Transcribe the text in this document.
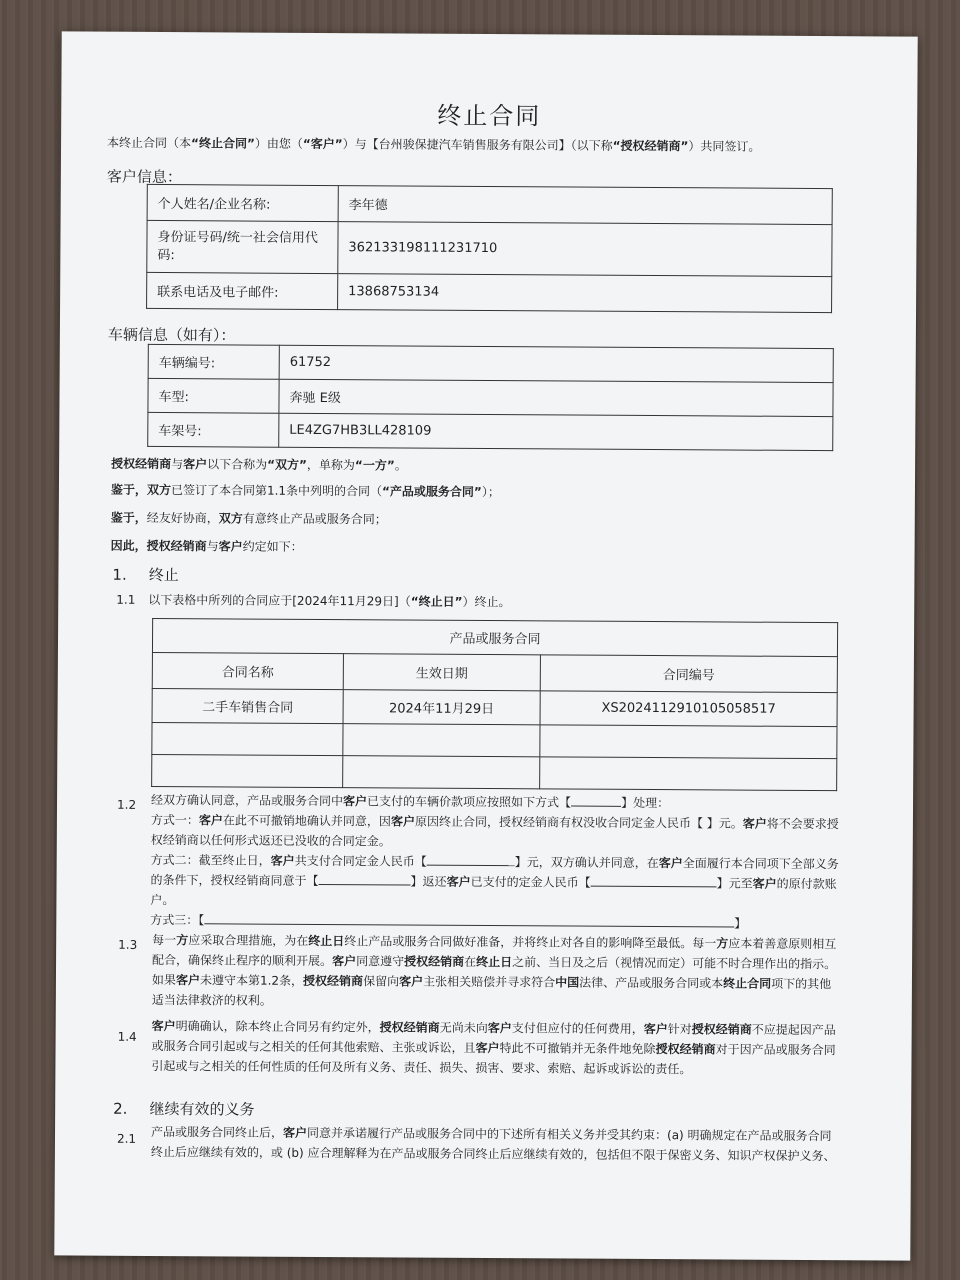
终止合同
本终止合同（本“终止合同”）由您（“客户”）与【台州骏保捷汽车销售服务有限公司】（以下称“授权经销商”）共同签订。
客户信息：
个人姓名/企业名称:	李年德
身份证号码/统一社会信用代码:	362133198111231710
联系电话及电子邮件:	13868753134
车辆信息（如有）：
车辆编号:	61752
车型:	奔驰 E级
车架号:	LE4ZG7HB3LL428109
授权经销商与客户以下合称为“双方”，单称为“一方”。
鉴于，双方已签订了本合同第1.1条中列明的合同（“产品或服务合同”）；
鉴于，经友好协商，双方有意终止产品或服务合同；
因此，授权经销商与客户约定如下：
1. 终止
1.1 以下表格中所列的合同应于[2024年11月29日]（“终止日”）终止。
产品或服务合同		
合同名称	生效日期	合同编号
二手车销售合同	2024年11月29日	XS2024112910105058517

1.2 经双方确认同意，产品或服务合同中客户已支付的车辆价款项应按照如下方式【	】处理：
方式一：客户在此不可撤销地确认并同意，因客户原因终止合同，授权经销商有权没收合同定金人民币【 】元。客户将不会要求授
权经销商以任何形式返还已没收的合同定金。
方式二：截至终止日，客户共支付合同定金人民币【	】元，双方确认并同意，在客户全面履行本合同项下全部义务
的条件下，授权经销商同意于【	】返还客户已支付的定金人民币【	】元至客户的原付款账
户。
方式三：【	】
1.3 每一方应采取合理措施，为在终止日终止产品或服务合同做好准备，并将终止对各自的影响降至最低。每一方应本着善意原则相互
配合，确保终止程序的顺利开展。客户同意遵守授权经销商在终止日之前、当日及之后（视情况而定）可能不时合理作出的指示。
如果客户未遵守本第1.2条，授权经销商保留向客户主张相关赔偿并寻求符合中国法律、产品或服务合同或本终止合同项下的其他
适当法律救济的权利。
1.4
客户明确确认，除本终止合同另有约定外，授权经销商无尚未向客户支付但应付的任何费用，客户针对授权经销商不应提起因产品
或服务合同引起或与之相关的任何其他索赔、主张或诉讼，且客户特此不可撤销并无条件地免除授权经销商对于因产品或服务合同
引起或与之相关的任何性质的任何及所有义务、责任、损失、损害、要求、索赔、起诉或诉讼的责任。
2. 继续有效的义务
2.1 产品或服务合同终止后，客户同意并承诺履行产品或服务合同中的下述所有相关义务并受其约束：(a) 明确规定在产品或服务合同
终止后应继续有效的，或 (b) 应合理解释为在产品或服务合同终止后应继续有效的，包括但不限于保密义务、知识产权保护义务、
